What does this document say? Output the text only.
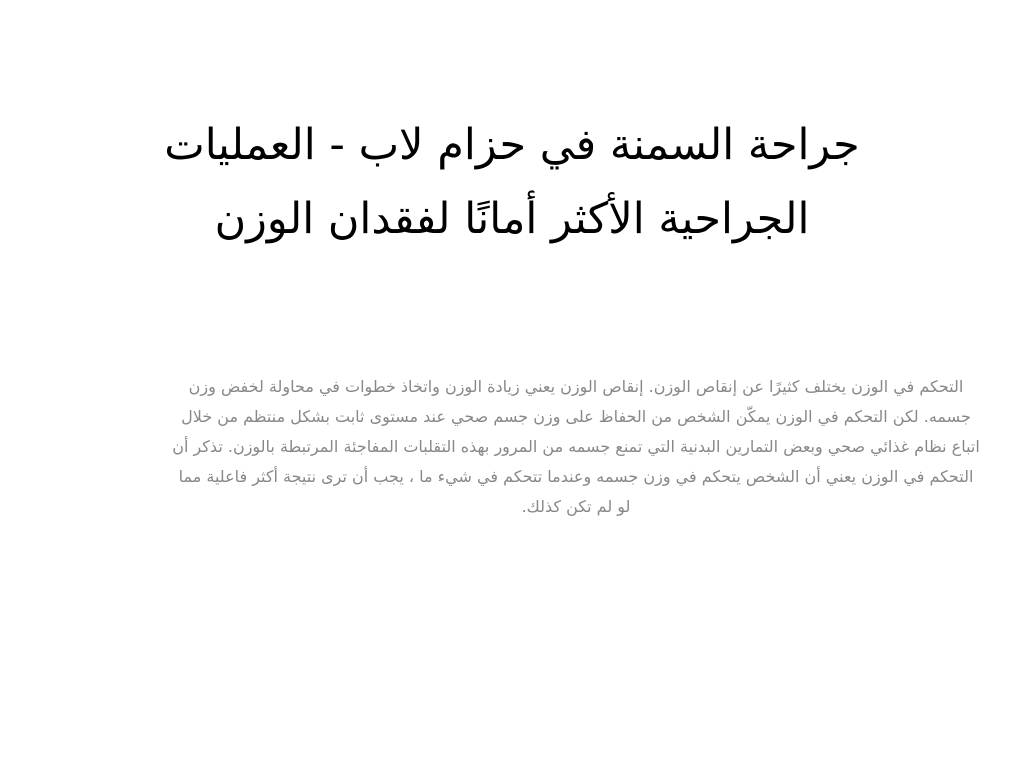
جراحة السمنة في حزام لاب - العمليات الجراحية الأكثر أمانًا لفقدان الوزن

التحكم في الوزن يختلف كثيرًا عن إنقاص الوزن. إنقاص الوزن يعني زيادة الوزن واتخاذ خطوات في محاولة لخفض وزن جسمه. لكن التحكم في الوزن يمكّن الشخص من الحفاظ على وزن جسم صحي عند مستوى ثابت بشكل منتظم من خلال اتباع نظام غذائي صحي وبعض التمارين البدنية التي تمنع جسمه من المرور بهذه التقلبات المفاجئة المرتبطة بالوزن. تذكر أن التحكم في الوزن يعني أن الشخص يتحكم في وزن جسمه وعندما تتحكم في شيء ما ، يجب أن ترى نتيجة أكثر فاعلية مما لو لم تكن كذلك.
